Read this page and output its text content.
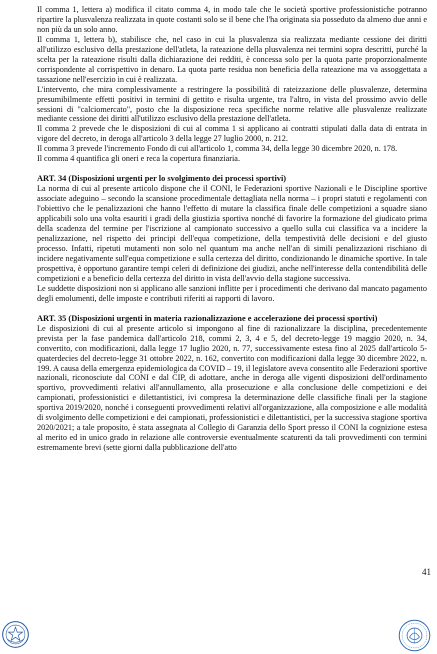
Il comma 1, lettera a) modifica il citato comma 4, in modo tale che le società sportive professionistiche potranno ripartire la plusvalenza realizzata in quote costanti solo se il bene che l'ha originata sia posseduto da almeno due anni e non più da un solo anno.

Il comma 1, lettera b), stabilisce che, nel caso in cui la plusvalenza sia realizzata mediante cessione dei diritti all'utilizzo esclusivo della prestazione dell'atleta, la rateazione della plusvalenza nei termini sopra descritti, purché la scelta per la rateazione risulti dalla dichiarazione dei redditi, è concessa solo per la quota parte proporzionalmente corrispondente al corrispettivo in denaro. La quota parte residua non beneficia della rateazione ma va assoggettata a tassazione nell'esercizio in cui è realizzata.

L'intervento, che mira complessivamente a restringere la possibilità di rateizzazione delle plusvalenze, determina presumibilmente effetti positivi in termini di gettito e risulta urgente, tra l'altro, in vista del prossimo avvio delle sessioni di "calciomercato", posto che la disposizione reca specifiche norme relative alle plusvalenze realizzate mediante cessione dei diritti all'utilizzo esclusivo della prestazione dell'atleta.

Il comma 2 prevede che le disposizioni di cui al comma 1 si applicano ai contratti stipulati dalla data di entrata in vigore del decreto, in deroga all'articolo 3 della legge 27 luglio 2000, n. 212.

Il comma 3 prevede l'incremento Fondo di cui all'articolo 1, comma 34, della legge 30 dicembre 2020, n. 178.

Il comma 4 quantifica gli oneri e reca la copertura finanziaria.

ART. 34 (Disposizioni urgenti per lo svolgimento dei processi sportivi)

La norma di cui al presente articolo dispone che il CONI, le Federazioni sportive Nazionali e le Discipline sportive associate adeguino – secondo la scansione procedimentale dettagliata nella norma – i propri statuti e regolamenti con l'obiettivo che le penalizzazioni che hanno l'effetto di mutare la classifica finale delle competizioni a squadre siano applicabili solo una volta esauriti i gradi della giustizia sportiva nonché di favorire la formazione del giudicato prima della scadenza del termine per l'iscrizione al campionato successivo a quello sulla cui classifica va a incidere la penalizzazione, nel rispetto dei principi dell'equa competizione, della tempestività delle decisioni e del giusto processo. Infatti, ripetuti mutamenti non solo nel quantum ma anche nell'an di simili penalizzazioni rischiano di incidere negativamente sull'equa competizione e sulla certezza del diritto, condizionando le dinamiche sportive. In tale prospettiva, è opportuno garantire tempi celeri di definizione dei giudizi, anche nell'interesse della contendibilità delle competizioni e a beneficio della certezza del diritto in vista dell'avvio della stagione successiva.

Le suddette disposizioni non si applicano alle sanzioni inflitte per i procedimenti che derivano dal mancato pagamento degli emolumenti, delle imposte e contributi riferiti ai rapporti di lavoro.

ART. 35 (Disposizioni urgenti in materia razionalizzazione e accelerazione dei processi sportivi)

Le disposizioni di cui al presente articolo si impongono al fine di razionalizzare la disciplina, precedentemente prevista per la fase pandemica dall'articolo 218, commi 2, 3, 4 e 5, del decreto-legge 19 maggio 2020, n. 34, convertito, con modificazioni, dalla legge 17 luglio 2020, n. 77, successivamente estesa fino al 2025 dall'articolo 5-quaterdecies del decreto-legge 31 ottobre 2022, n. 162, convertito con modificazioni dalla legge 30 dicembre 2022, n. 199. A causa della emergenza epidemiologica da COVID – 19, il legislatore aveva consentito alle Federazioni sportive nazionali, riconosciute dal CONI e dal CIP, di adottare, anche in deroga alle vigenti disposizioni dell'ordinamento sportivo, provvedimenti relativi all'annullamento, alla prosecuzione e alla conclusione delle competizioni e dei campionati, professionistici e dilettantistici, ivi compresa la determinazione delle classifiche finali per la stagione sportiva 2019/2020, nonché i conseguenti provvedimenti relativi all'organizzazione, alla composizione e alle modalità di svolgimento delle competizioni e dei campionati, professionistici e dilettantistici, per la successiva stagione sportiva 2020/2021; a tale proposito, è stata assegnata al Collegio di Garanzia dello Sport presso il CONI la cognizione estesa al merito ed in unico grado in relazione alle controversie eventualmente scaturenti da tali provvedimenti con termini estremamente brevi (sette giorni dalla pubblicazione dell'atto

41
